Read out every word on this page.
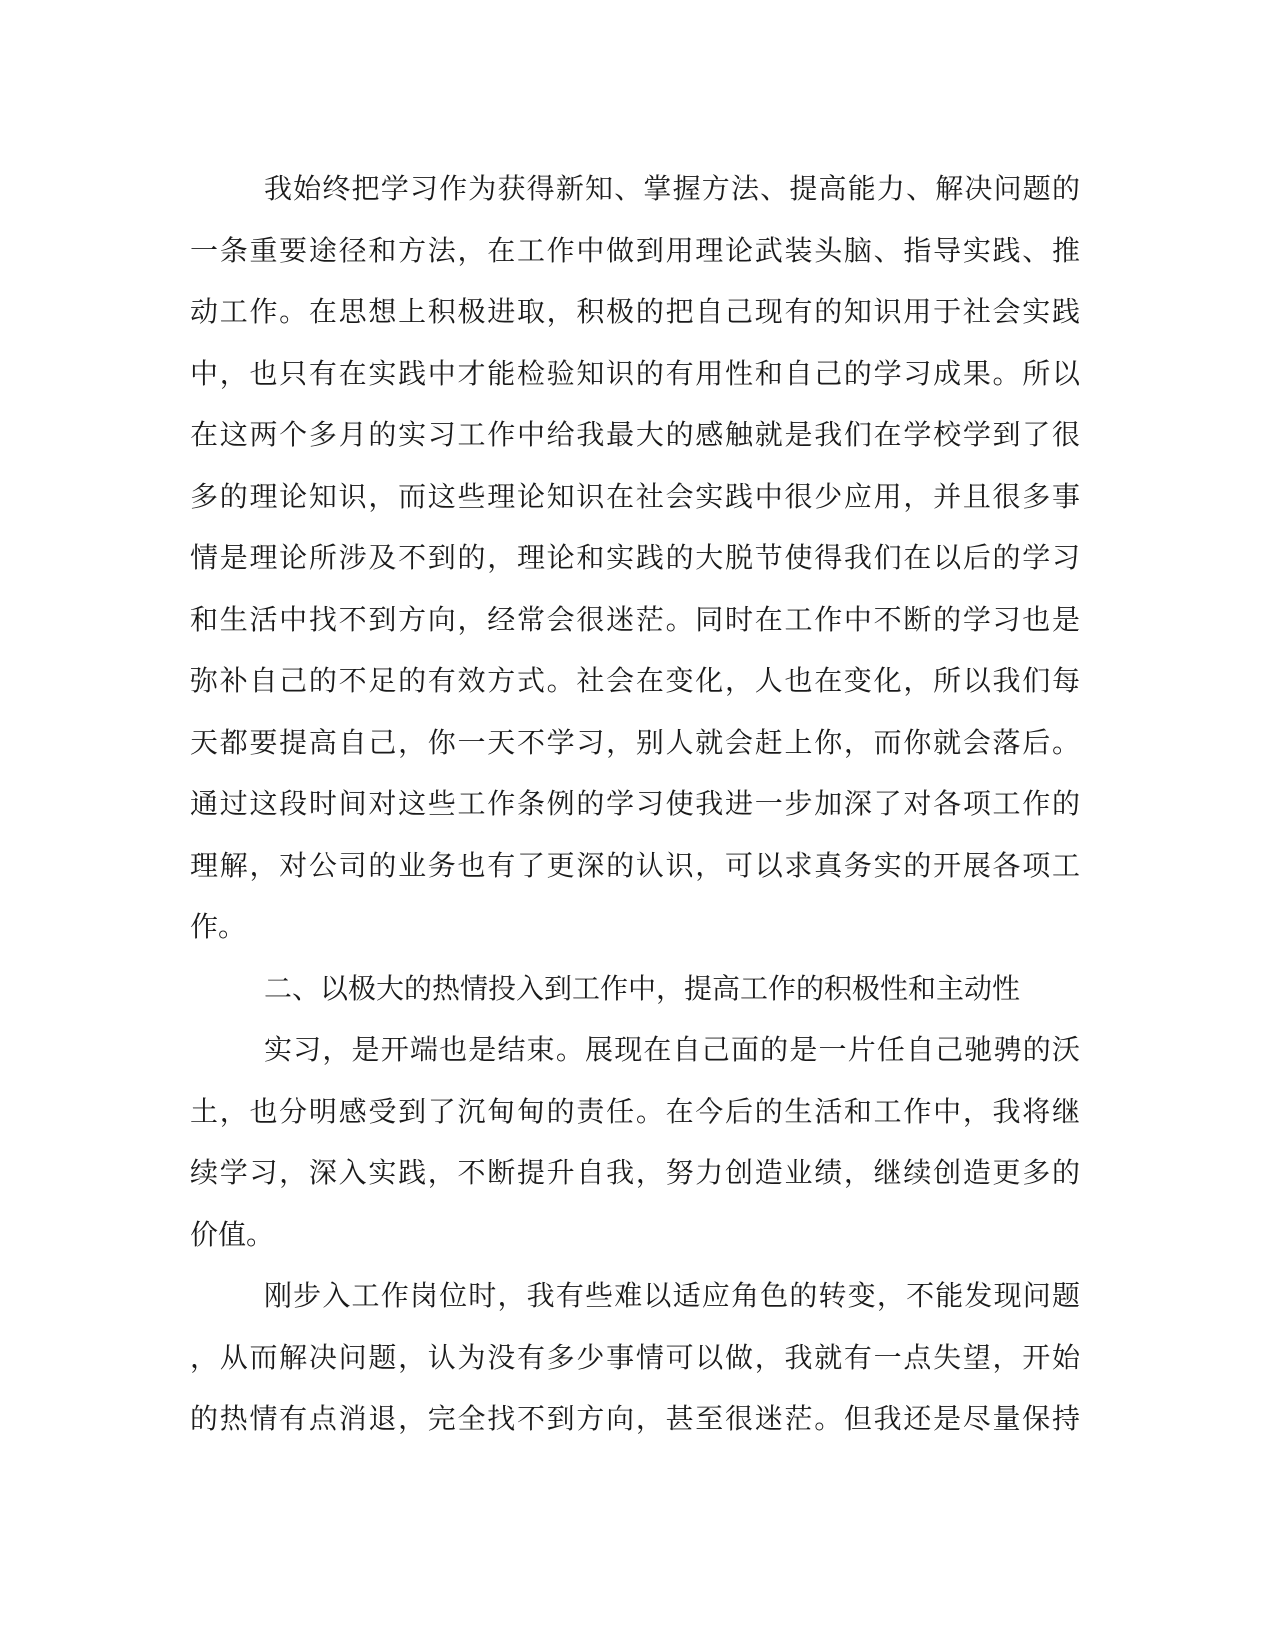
我始终把学习作为获得新知、掌握方法、提高能力、解决问题的
一条重要途径和方法，在工作中做到用理论武装头脑、指导实践、推
动工作。在思想上积极进取，积极的把自己现有的知识用于社会实践
中，也只有在实践中才能检验知识的有用性和自己的学习成果。所以
在这两个多月的实习工作中给我最大的感触就是我们在学校学到了很
多的理论知识，而这些理论知识在社会实践中很少应用，并且很多事
情是理论所涉及不到的，理论和实践的大脱节使得我们在以后的学习
和生活中找不到方向，经常会很迷茫。同时在工作中不断的学习也是
弥补自己的不足的有效方式。社会在变化，人也在变化，所以我们每
天都要提高自己，你一天不学习，别人就会赶上你，而你就会落后。
通过这段时间对这些工作条例的学习使我进一步加深了对各项工作的
理解，对公司的业务也有了更深的认识，可以求真务实的开展各项工
作。
二、以极大的热情投入到工作中，提高工作的积极性和主动性
实习，是开端也是结束。展现在自己面的是一片任自己驰骋的沃
土，也分明感受到了沉甸甸的责任。在今后的生活和工作中，我将继
续学习，深入实践，不断提升自我，努力创造业绩，继续创造更多的
价值。
刚步入工作岗位时，我有些难以适应角色的转变，不能发现问题
，从而解决问题，认为没有多少事情可以做，我就有一点失望，开始
的热情有点消退，完全找不到方向，甚至很迷茫。但我还是尽量保持
